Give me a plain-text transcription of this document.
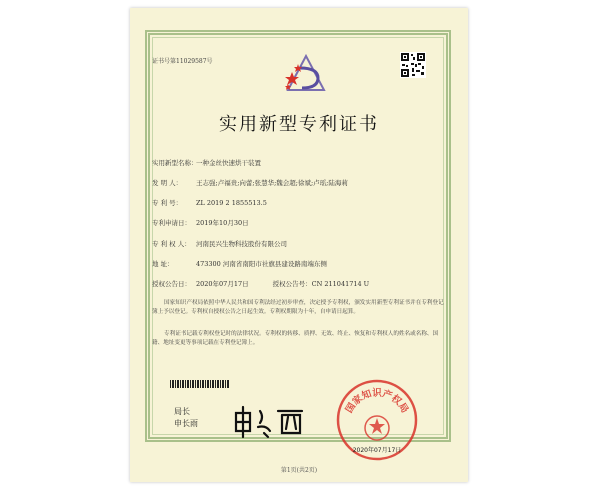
证书号第11029587号
实用新型专利证书
实用新型名称：一种金丝快速烘干装置
发 明 人： 王志强;卢福贵;向蕾;张慧华;魏会超;徐斌;卢瑶;陆海莉
专 利 号： ZL 2019 2 1855513.5
专利申请日： 2019年10月30日
专 利 权 人： 河南民兴生物科技股份有限公司
地 址：	473300 河南省南阳市社旗县建设路南端东侧
授权公告日： 2020年07月17日	授权公告号：CN 211041714 U
国家知识产权局依照中华人民共和国专利法经过初步审查，决定授予专利权，颁发实用新型专利证书并在专利登记簿上予以登记。专利权自授权公告之日起生效。专利权期限为十年，自申请日起算。
专利证书记载专利权登记时的法律状况。专利权的转移、质押、无效、终止、恢复和专利权人的姓名或名称、国籍、地址变更等事项记载在专利登记簿上。
局长
申长雨
国家知识产权局
2020年07月17日
第1页(共2页)
